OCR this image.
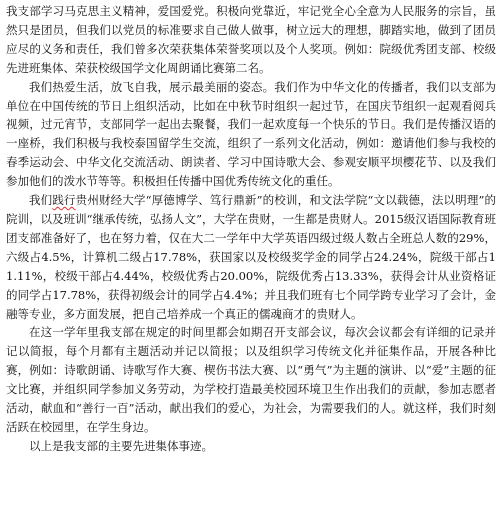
我支部学习马克思主义精神，爱国爱党。积极向党靠近，牢记党全心全意为人民服务的宗旨，虽然只是团员，但我们以党员的标准要求自己做人做事，树立远大的理想，脚踏实地，做到了团员应尽的义务和责任，我们曾多次荣获集体荣誉奖项以及个人奖项。例如：院级优秀团支部、校级先进班集体、荣获校级国学文化周朗诵比赛第二名。

我们热爱生活，放飞自我，展示最美丽的姿态。我们作为中华文化的传播者，我们以支部为单位在中国传统的节日上组织活动，比如在中秋节时组织一起过节，在国庆节组织一起观看阅兵视频，过元宵节，支部同学一起出去聚餐，我们一起欢度每一个快乐的节日。我们是传播汉语的一座桥，我们积极与我校泰国留学生交流，组织了一系列文化活动，例如：邀请他们参与我校的春季运动会、中华文化交流活动、朗读者、学习中国诗歌大会、参观安顺平坝樱花节、以及我们参加他们的泼水节等等。积极担任传播中国优秀传统文化的重任。

我们践行贵州财经大学“厚德博学、笃行鼎新”的校训，和文法学院“文以载德，法以明理”的院训，以及班训“继承传统，弘扬人文”，大学在贵财，一生都是贵财人。2015级汉语国际教育班团支部准备好了，也在努力着，仅在大二一学年中大学英语四级过级人数占全班总人数的29%，六级占4.5%，计算机二级占17.78%，获国家以及校级奖学金的同学占24.24%，院级干部占11.11%，校级干部占4.44%，校级优秀占20.00%，院级优秀占13.33%，获得会计从业资格证的同学占17.78%，获得初级会计的同学占4.4%；并且我们班有七个同学跨专业学习了会计，金融等专业，多方面发展，把自己培养成一个真正的儒魂商才的贵财人。

在这一学年里我支部在规定的时间里都会如期召开支部会议，每次会议都会有详细的记录并记以简报，每个月都有主题活动并记以简报；以及组织学习传统文化并征集作品，开展各种比赛，例如：诗歌朗诵、诗歌写作大赛、楔伤书法大赛、以“勇气”为主题的演讲、以“爱”主题的征文比赛，并组织同学参加义务劳动，为学校打造最美校园环境卫生作出我们的贡献，参加志愿者活动，献血和“善行一百”活动，献出我们的爱心，为社会，为需要我们的人。就这样，我们时刻活跃在校园里，在学生身边。

以上是我支部的主要先进集体事迹。
